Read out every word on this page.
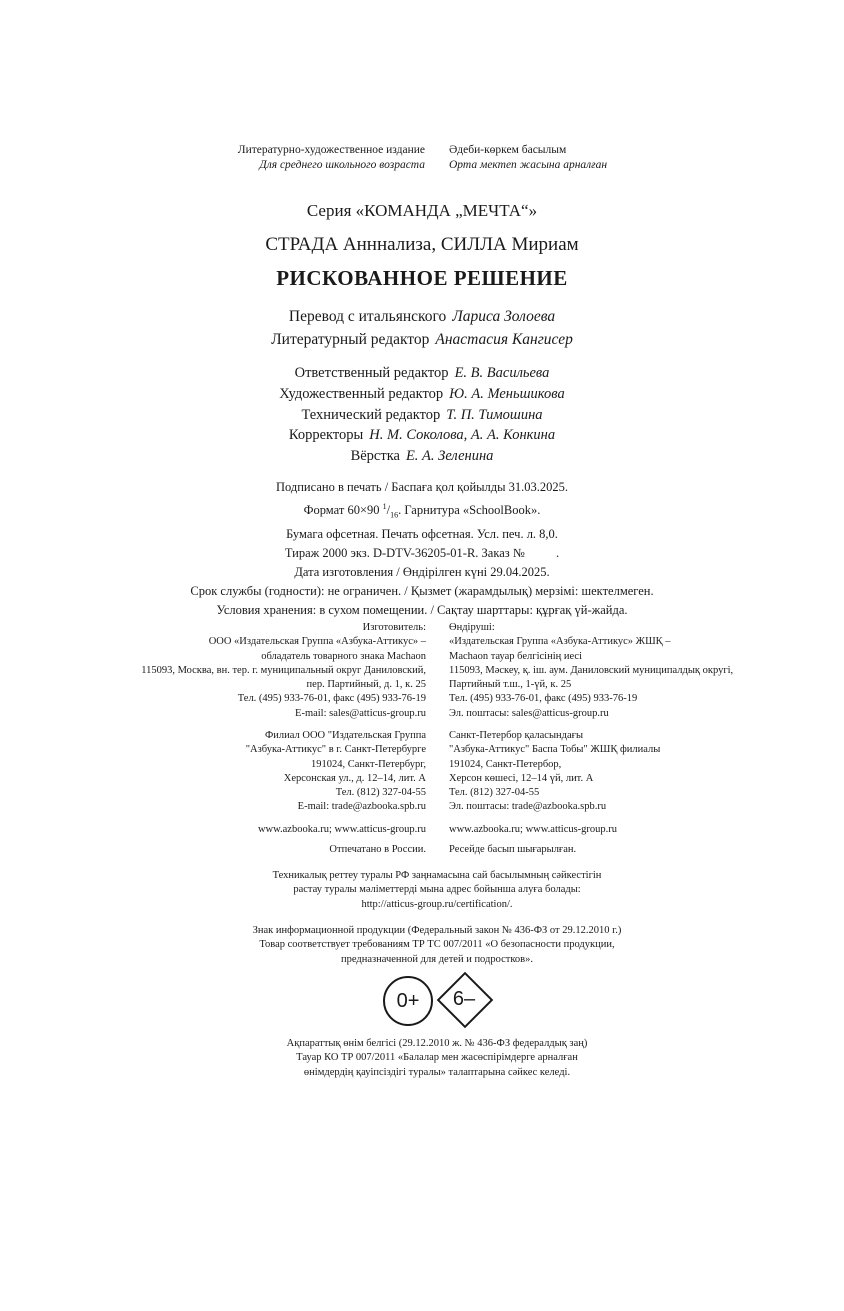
Литературно-художественное издание
Для среднего школьного возраста
Әдеби-көркем басылым
Орта мектеп жасына арналған
Серия «КОМАНДА „МЕЧТА“»
СТРАДА Анннализа, СИЛЛА Мириам
РИСКОВАННОЕ РЕШЕНИЕ
Перевод с итальянского Лариса Золоева
Литературный редактор Анастасия Кангисер
Ответственный редактор Е. В. Васильева
Художественный редактор Ю. А. Меньшикова
Технический редактор Т. П. Тимошина
Корректоры Н. М. Соколова, А. А. Конкина
Вёрстка Е. А. Зеленина
Подписано в печать / Баспаға қол қойылды 31.03.2025.
Формат 60×90 $^1/_{16}$. Гарнитура «SchoolBook».
Бумага офсетная. Печать офсетная. Усл. печ. л. 8,0.
Тираж 2000 экз. D-DTV-36205-01-R. Заказ №          .
Дата изготовления / Өндірілген күні 29.04.2025.
Срок службы (годности): не ограничен. / Қызмет (жарамдылық) мерзімі: шектелмеген.
Условия хранения: в сухом помещении. / Сақтау шарттары: құрғақ үй-жайда.
Изготовитель:
ООО «Издательская Группа «Азбука-Аттикус» –
обладатель товарного знака Machaon
115093, Москва, вн. тер. г. муниципальный округ Даниловский,
пер. Партийный, д. 1, к. 25
Тел. (495) 933-76-01, факс (495) 933-76-19
E-mail: sales@atticus-group.ru
Өндіруші:
«Издательская Группа «Азбука-Аттикус» ЖШҚ –
Machaon тауар белгісінің иесі
115093, Мәскеу, қ. іш. аум. Даниловский муниципалдық округі,
Партийный т.ш., 1-үй, к. 25
Тел. (495) 933-76-01, факс (495) 933-76-19
Эл. поштасы: sales@atticus-group.ru
Филиал ООО "Издательская Группа
"Азбука-Аттикус" в г. Санкт-Петербурге
191024, Санкт-Петербург,
Херсонская ул., д. 12–14, лит. А
Тел. (812) 327-04-55
E-mail: trade@azbooka.spb.ru
Санкт-Петербор қаласындағы
"Азбука-Аттикус" Баспа Тобы" ЖШҚ филиалы
191024, Санкт-Петербор,
Херсон көшесі, 12–14 үй, лит. А
Тел. (812) 327-04-55
Эл. поштасы: trade@azbooka.spb.ru
www.azbooka.ru; www.atticus-group.ru www.azbooka.ru; www.atticus-group.ru
Отпечатано в России. Ресейде басып шығарылған.
Техникалық реттеу туралы РФ заңнамасына сай басылымның сәйкестігін
растау туралы мәліметтерді мына адрес бойынша алуға болады:
http://atticus-group.ru/certification/.
Знак информационной продукции (Федеральный закон № 436-ФЗ от 29.12.2010 г.)
Товар соответствует требованиям ТР ТС 007/2011 «О безопасности продукции,
предназначенной для детей и подростков».
0+	6–
Ақпараттық өнім белгісі (29.12.2010 ж. № 436-ФЗ федералдық заң)
Тауар КО ТР 007/2011 «Балалар мен жасөспірімдерге арналған
өнімдердің қауіпсіздігі туралы» талаптарына сәйкес келеді.
